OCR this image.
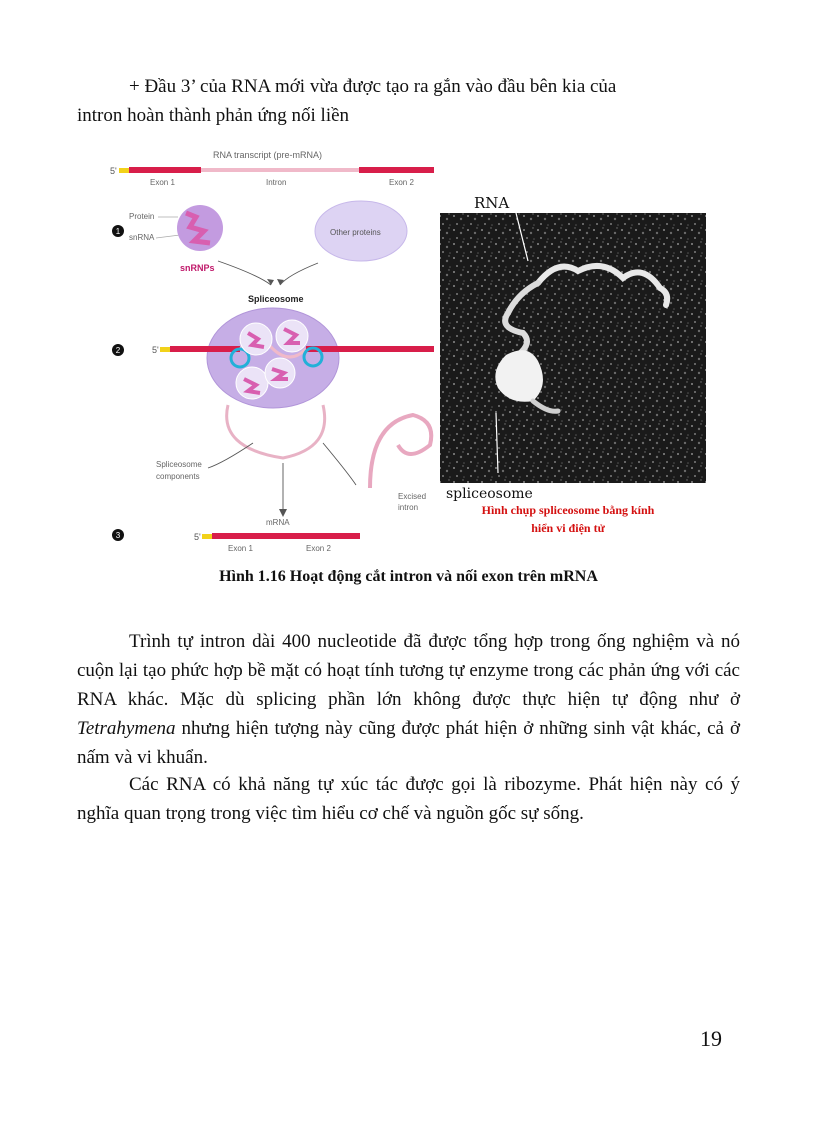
+ Đầu 3’ của RNA mới vừa được tạo ra gắn vào đầu bên kia của

intron hoàn thành phản ứng nối liền

RNA transcript (pre-mRNA)
5'
Exon 1	Intron	Exon 2
1
Protein
snRNA
snRNPs
Other proteins
Spliceosome
2	5'
Spliceosome
components
Excised
intron
3
mRNA
5'
Exon 1	Exon 2
RNA
spliceosome
Hình chụp spliceosome bằng kính
hiển vi điện tử

Hình 1.16 Hoạt động cắt intron và nối exon trên mRNA

Trình tự intron dài 400 nucleotide đã được tổng hợp trong ống nghiệm và nó cuộn lại tạo phức hợp bề mặt có hoạt tính tương tự enzyme trong các phản ứng với các RNA khác. Mặc dù splicing phần lớn không được thực hiện tự động như ở Tetrahymena nhưng hiện tượng này cũng được phát hiện ở những sinh vật khác, cả ở nấm và vi khuẩn.

Các RNA có khả năng tự xúc tác được gọi là ribozyme. Phát hiện này có ý nghĩa quan trọng trong việc tìm hiểu cơ chế và nguồn gốc sự sống.

19
